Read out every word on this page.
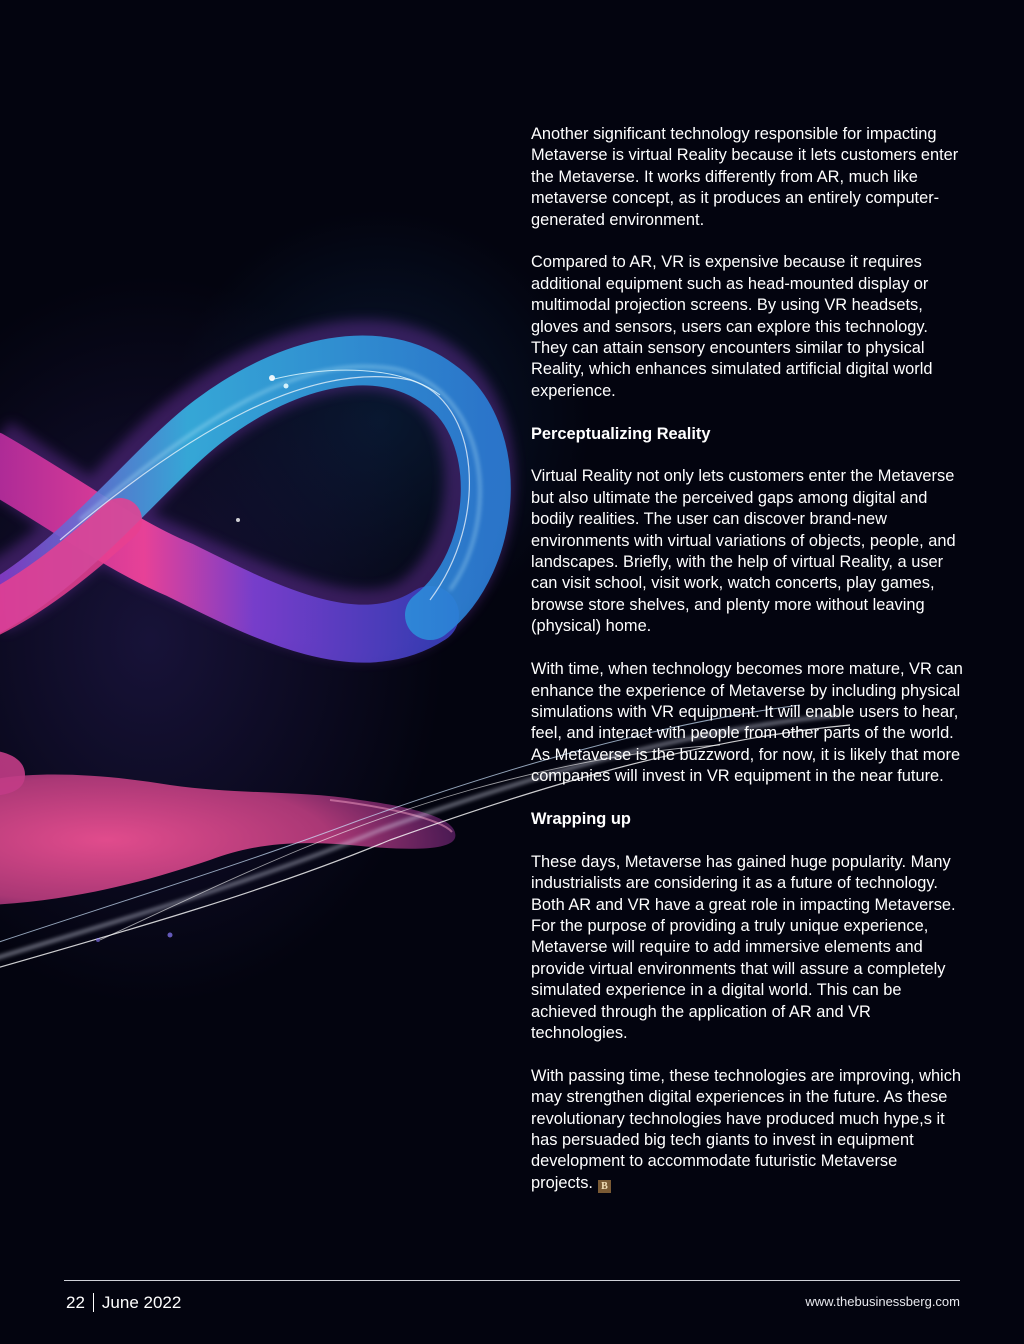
Another significant technology responsible for impacting Metaverse is virtual Reality because it lets customers enter the Metaverse. It works differently from AR, much like metaverse concept, as it produces an entirely computer-generated environment.

Compared to AR, VR is expensive because it requires additional equipment such as head-mounted display or multimodal projection screens. By using VR headsets, gloves and sensors, users can explore this technology. They can attain sensory encounters similar to physical Reality, which enhances simulated artificial digital world experience.

Perceptualizing Reality

Virtual Reality not only lets customers enter the Metaverse but also ultimate the perceived gaps among digital and bodily realities. The user can discover brand-new environments with virtual variations of objects, people, and landscapes. Briefly, with the help of virtual Reality, a user can visit school, visit work, watch concerts, play games, browse store shelves, and plenty more without leaving (physical) home.

With time, when technology becomes more mature, VR can enhance the experience of Metaverse by including physical simulations with VR equipment. It will enable users to hear, feel, and interact with people from other parts of the world. As Metaverse is the buzzword, for now, it is likely that more companies will invest in VR equipment in the near future.

Wrapping up

These days, Metaverse has gained huge popularity. Many industrialists are considering it as a future of technology. Both AR and VR have a great role in impacting Metaverse. For the purpose of providing a truly unique experience, Metaverse will require to add immersive elements and provide virtual environments that will assure a completely simulated experience in a digital world. This can be achieved through the application of AR and VR technologies.

With passing time, these technologies are improving, which may strengthen digital experiences in the future. As these revolutionary technologies have produced much hype,s it has persuaded big tech giants to invest in equipment development to accommodate futuristic Metaverse projects. B

22 June 2022	www.thebusinessberg.com
